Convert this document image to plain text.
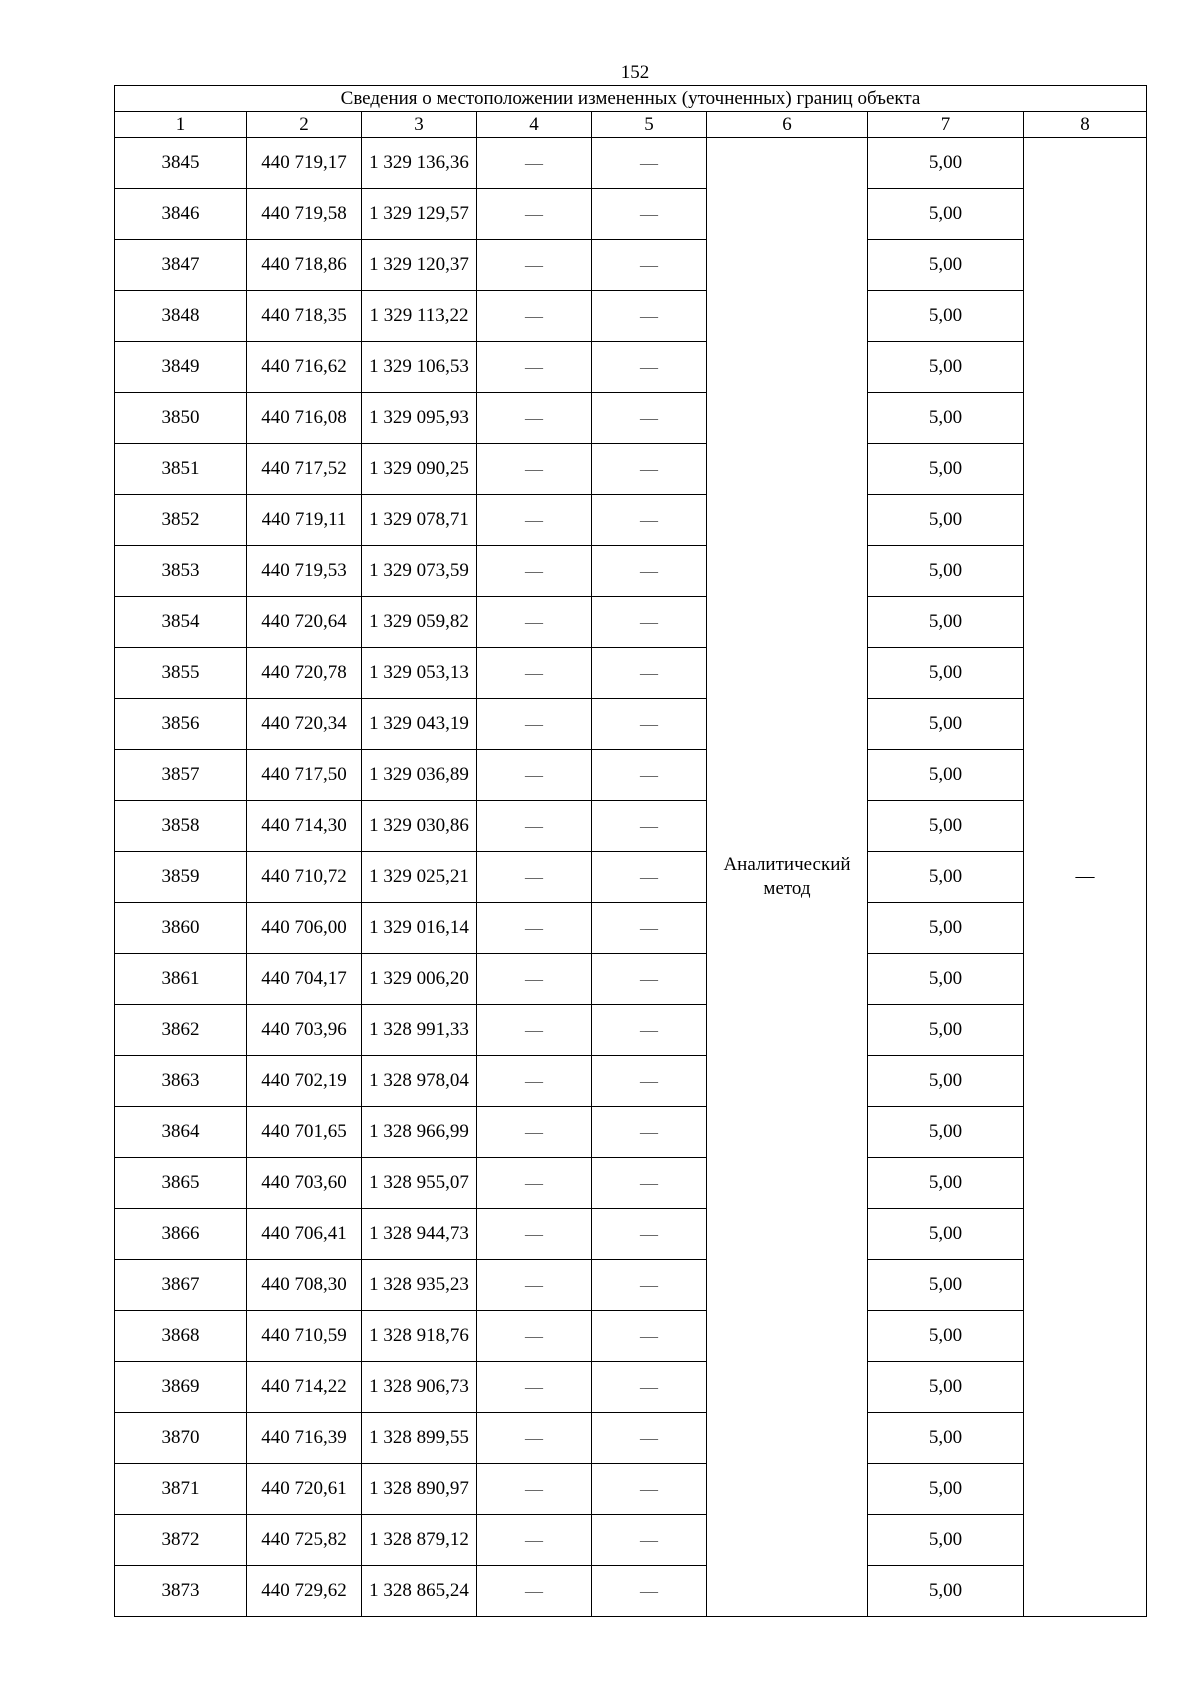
152
Сведения о местоположении измененных (уточненных) границ объекта							
1	2	3	4	5	6	7	8
3845	440 719,17	1 329 136,36	—	—	Аналитический метод	5,00	—
3846	440 719,58	1 329 129,57	—	—		5,00	
3847	440 718,86	1 329 120,37	—	—		5,00	
3848	440 718,35	1 329 113,22	—	—		5,00	
3849	440 716,62	1 329 106,53	—	—		5,00	
3850	440 716,08	1 329 095,93	—	—		5,00	
3851	440 717,52	1 329 090,25	—	—		5,00	
3852	440 719,11	1 329 078,71	—	—		5,00	
3853	440 719,53	1 329 073,59	—	—		5,00	
3854	440 720,64	1 329 059,82	—	—		5,00	
3855	440 720,78	1 329 053,13	—	—		5,00	
3856	440 720,34	1 329 043,19	—	—		5,00	
3857	440 717,50	1 329 036,89	—	—		5,00	
3858	440 714,30	1 329 030,86	—	—		5,00	
3859	440 710,72	1 329 025,21	—	—		5,00	
3860	440 706,00	1 329 016,14	—	—		5,00	
3861	440 704,17	1 329 006,20	—	—		5,00	
3862	440 703,96	1 328 991,33	—	—		5,00	
3863	440 702,19	1 328 978,04	—	—		5,00	
3864	440 701,65	1 328 966,99	—	—		5,00	
3865	440 703,60	1 328 955,07	—	—		5,00	
3866	440 706,41	1 328 944,73	—	—		5,00	
3867	440 708,30	1 328 935,23	—	—		5,00	
3868	440 710,59	1 328 918,76	—	—		5,00	
3869	440 714,22	1 328 906,73	—	—		5,00	
3870	440 716,39	1 328 899,55	—	—		5,00	
3871	440 720,61	1 328 890,97	—	—		5,00	
3872	440 725,82	1 328 879,12	—	—		5,00	
3873	440 729,62	1 328 865,24	—	—		5,00	
